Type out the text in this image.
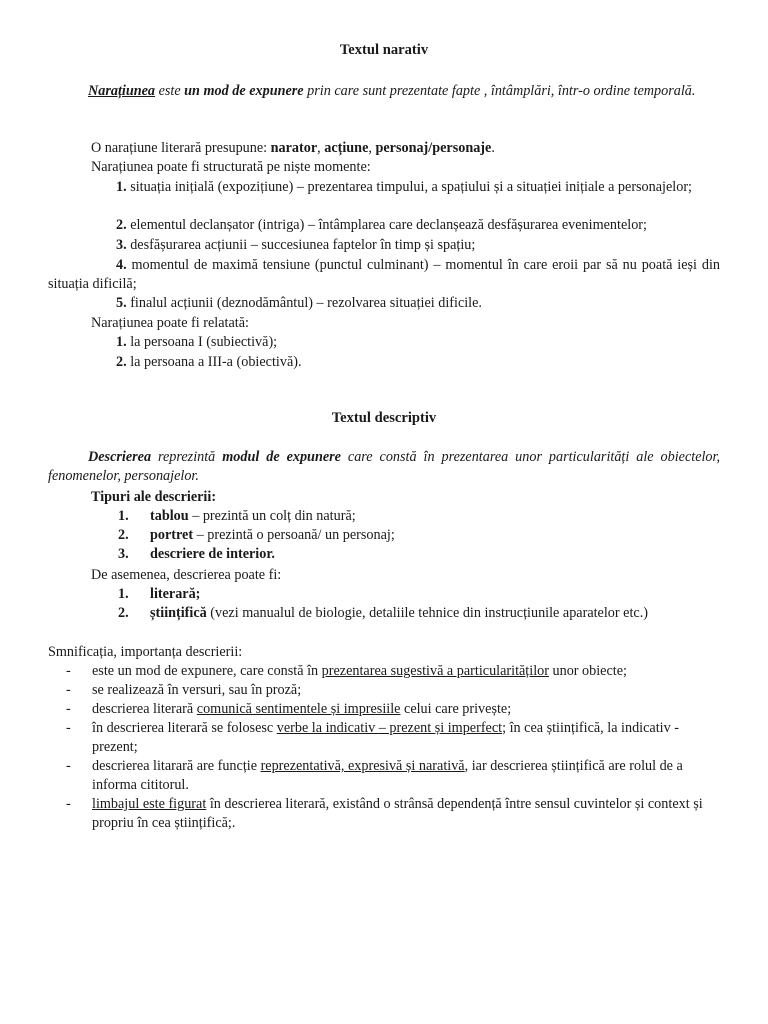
Textul narativ
Narațiunea este un mod de expunere prin care sunt prezentate fapte , întâmplări, într-o ordine temporală.
O narațiune literară presupune: narator, acțiune, personaj/personaje.
Narațiunea poate fi structurată pe niște momente:
1. situația inițială (expozițiune) – prezentarea timpului, a spațiului și a situației inițiale a personajelor;
2. elementul declanșator (intriga) – întâmplarea care declanșează desfășurarea evenimentelor;
3. desfășurarea acțiunii – succesiunea faptelor în timp și spațiu;
4. momentul de maximă tensiune (punctul culminant) – momentul în care eroii par să nu poată ieși din situația dificilă;
5. finalul acțiunii (deznodământul) – rezolvarea situației dificile.
Narațiunea poate fi relatată:
1. la persoana I (subiectivă);
2. la persoana a III-a (obiectivă).
Textul descriptiv
Descrierea reprezintă modul de expunere care constă în prezentarea unor particularități ale obiectelor, fenomenelor, personajelor.
Tipuri ale descrierii:
1. tablou – prezintă un colț din natură;
2. portret – prezintă o persoană/ un personaj;
3. descriere de interior.
De asemenea, descrierea poate fi:
1. literară;
2. științifică (vezi manualul de biologie, detaliile tehnice din instrucțiunile aparatelor etc.)
Smnificația, importanța descrierii:
- este un mod de expunere, care constă în prezentarea sugestivă a particularităților unor obiecte;
- se realizează în versuri, sau în proză;
- descrierea literară comunică sentimentele și impresiile celui care privește;
- în descrierea literară se folosesc verbe la indicativ – prezent și imperfect; în cea științifică, la indicativ - prezent;
- descrierea litarară are funcție reprezentativă, expresivă și narativă, iar descrierea științifică are rolul de a informa cititorul.
- limbajul este figurat în descrierea literară, existând o strânsă dependență între sensul cuvintelor și context și propriu în cea științifică;.
